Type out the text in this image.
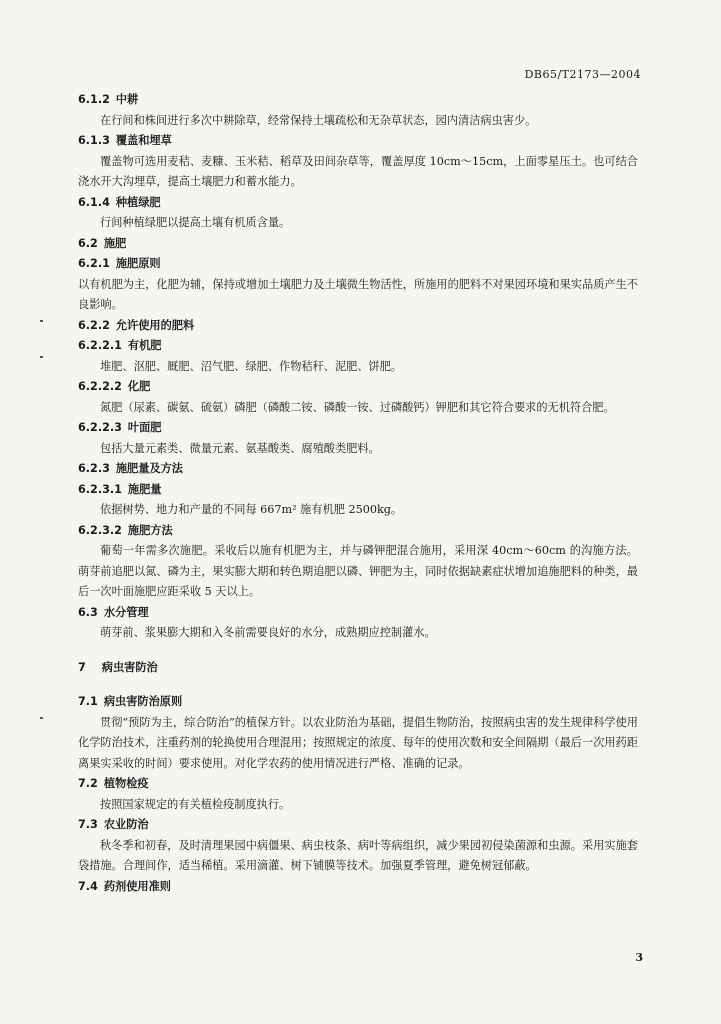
DB65/T2173—2004
6.1.2 中耕
在行间和株间进行多次中耕除草，经常保持土壤疏松和无杂草状态，园内清洁病虫害少。
6.1.3 覆盖和埋草
覆盖物可选用麦秸、麦糠、玉米秸、稻草及田间杂草等，覆盖厚度 10cm～15cm，上面零星压土。也可结合浇水开大沟埋草，提高土壤肥力和蓄水能力。
6.1.4 种植绿肥
行间种植绿肥以提高土壤有机质含量。
6.2 施肥
6.2.1 施肥原则
以有机肥为主，化肥为辅，保持或增加土壤肥力及土壤微生物活性，所施用的肥料不对果园环境和果实品质产生不良影响。
6.2.2 允许使用的肥料
6.2.2.1 有机肥
堆肥、沤肥、厩肥、沼气肥、绿肥、作物秸秆、泥肥、饼肥。
6.2.2.2 化肥
氮肥（尿素、碳氨、硫氨）磷肥（磷酸二铵、磷酸一铵、过磷酸钙）钾肥和其它符合要求的无机符合肥。
6.2.2.3 叶面肥
包括大量元素类、微量元素、氨基酸类、腐殖酸类肥料。
6.2.3 施肥量及方法
6.2.3.1 施肥量
依据树势、地力和产量的不同每 667m² 施有机肥 2500kg。
6.2.3.2 施肥方法
葡萄一年需多次施肥。采收后以施有机肥为主，并与磷钾肥混合施用，采用深 40cm～60cm 的沟施方法。萌芽前追肥以氮、磷为主，果实膨大期和转色期追肥以磷、钾肥为主，同时依据缺素症状增加追施肥料的种类，最后一次叶面施肥应距采收 5 天以上。
6.3 水分管理
萌芽前、浆果膨大期和入冬前需要良好的水分，成熟期应控制灌水。
7 病虫害防治
7.1 病虫害防治原则
贯彻“预防为主，综合防治”的植保方针。以农业防治为基础，提倡生物防治，按照病虫害的发生规律科学使用化学防治技术，注重药剂的轮换使用合理混用；按照规定的浓度、每年的使用次数和安全间隔期（最后一次用药距离果实采收的时间）要求使用。对化学农药的使用情况进行严格、准确的记录。
7.2 植物检疫
按照国家规定的有关植检疫制度执行。
7.3 农业防治
秋冬季和初春，及时清理果园中病僵果、病虫枝条、病叶等病组织，减少果园初侵染菌源和虫源。采用实施套袋措施。合理间作，适当稀植。采用滴灌、树下铺膜等技术。加强夏季管理，避免树冠郁蔽。
7.4 药剂使用准则
3
